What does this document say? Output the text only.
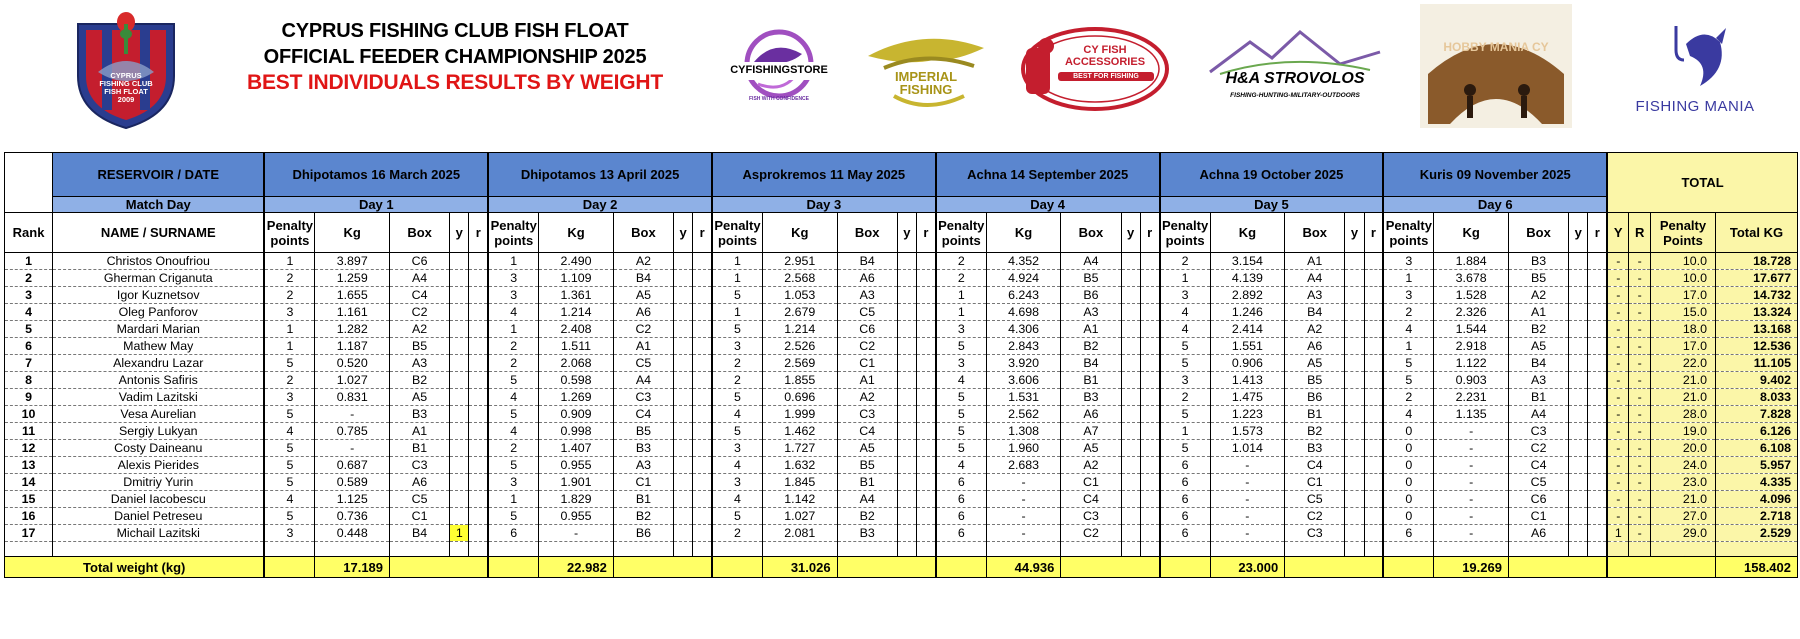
CYPRUS
FISHING CLUB
FISH FLOAT
2009
CYPRUS FISHING CLUB FISH FLOAT
OFFICIAL FEEDER CHAMPIONSHIP 2025
BEST INDIVIDUALS RESULTS BY WEIGHT
CYFISHINGSTORE
FISH WITH CONFIDENCE
IMPERIAL
FISHING
CY FISH
ACCESSORIES
BEST FOR FISHING	H&A STROVOLOS
FISHING-HUNTING-MILITARY-OUTDOORS
HOBBY MANIA CY
FISHING MANIA
	RESERVOIR / DATE	Dhipotamos 16 March 2025					Dhipotamos 13 April 2025					Asprokremos 11 May 2025					Achna 14 September 2025					Achna 19 October 2025					Kuris 09 November 2025					TOTAL			
	Match Day	Day 1					Day 2					Day 3					Day 4					Day 5					Day 6								
Rank	NAME / SURNAME	Penalty points	Kg	Box	y	r	Penalty points	Kg	Box	y	r	Penalty points	Kg	Box	y	r	Penalty points	Kg	Box	y	r	Penalty points	Kg	Box	y	r	Penalty points	Kg	Box	y	r	Y	R	Penalty Points	Total KG
1	Christos Onoufriou	1	3.897	C6			1	2.490	A2			1	2.951	B4			2	4.352	A4			2	3.154	A1			3	1.884	B3			-	-	10.0	18.728
2	Gherman Criganuta	2	1.259	A4			3	1.109	B4			1	2.568	A6			2	4.924	B5			1	4.139	A4			1	3.678	B5			-	-	10.0	17.677
3	Igor Kuznetsov	2	1.655	C4			3	1.361	A5			5	1.053	A3			1	6.243	B6			3	2.892	A3			3	1.528	A2			-	-	17.0	14.732
4	Oleg Panforov	3	1.161	C2			4	1.214	A6			1	2.679	C5			1	4.698	A3			4	1.246	B4			2	2.326	A1			-	-	15.0	13.324
5	Mardari Marian	1	1.282	A2			1	2.408	C2			5	1.214	C6			3	4.306	A1			4	2.414	A2			4	1.544	B2			-	-	18.0	13.168
6	Mathew May	1	1.187	B5			2	1.511	A1			3	2.526	C2			5	2.843	B2			5	1.551	A6			1	2.918	A5			-	-	17.0	12.536
7	Alexandru Lazar	5	0.520	A3			2	2.068	C5			2	2.569	C1			3	3.920	B4			5	0.906	A5			5	1.122	B4			-	-	22.0	11.105
8	Antonis Safiris	2	1.027	B2			5	0.598	A4			2	1.855	A1			4	3.606	B1			3	1.413	B5			5	0.903	A3			-	-	21.0	9.402
9	Vadim Lazitski	3	0.831	A5			4	1.269	C3			5	0.696	A2			5	1.531	B3			2	1.475	B6			2	2.231	B1			-	-	21.0	8.033
10	Vesa Aurelian	5	-	B3			5	0.909	C4			4	1.999	C3			5	2.562	A6			5	1.223	B1			4	1.135	A4			-	-	28.0	7.828
11	Sergiy Lukyan	4	0.785	A1			4	0.998	B5			5	1.462	C4			5	1.308	A7			1	1.573	B2			0	-	C3			-	-	19.0	6.126
12	Costy Daineanu	5	-	B1			2	1.407	B3			3	1.727	A5			5	1.960	A5			5	1.014	B3			0	-	C2			-	-	20.0	6.108
13	Alexis Pierides	5	0.687	C3			5	0.955	A3			4	1.632	B5			4	2.683	A2			6	-	C4			0	-	C4			-	-	24.0	5.957
14	Dmitriy Yurin	5	0.589	A6			3	1.901	C1			3	1.845	B1			6	-	C1			6	-	C1			0	-	C5			-	-	23.0	4.335
15	Daniel Iacobescu	4	1.125	C5			1	1.829	B1			4	1.142	A4			6	-	C4			6	-	C5			0	-	C6			-	-	21.0	4.096
16	Daniel Petreseu	5	0.736	C1			5	0.955	B2			5	1.027	B2			6	-	C3			6	-	C2			0	-	C1			-	-	27.0	2.718
17	Michail Lazitski	3	0.448	B4	1		6	-	B6			2	2.081	B3			6	-	C2			6	-	C3			6	-	A6			1	-	29.0	2.529

Total weight (kg)			17.189					22.982					31.026					44.936					23.000					19.269							158.402
